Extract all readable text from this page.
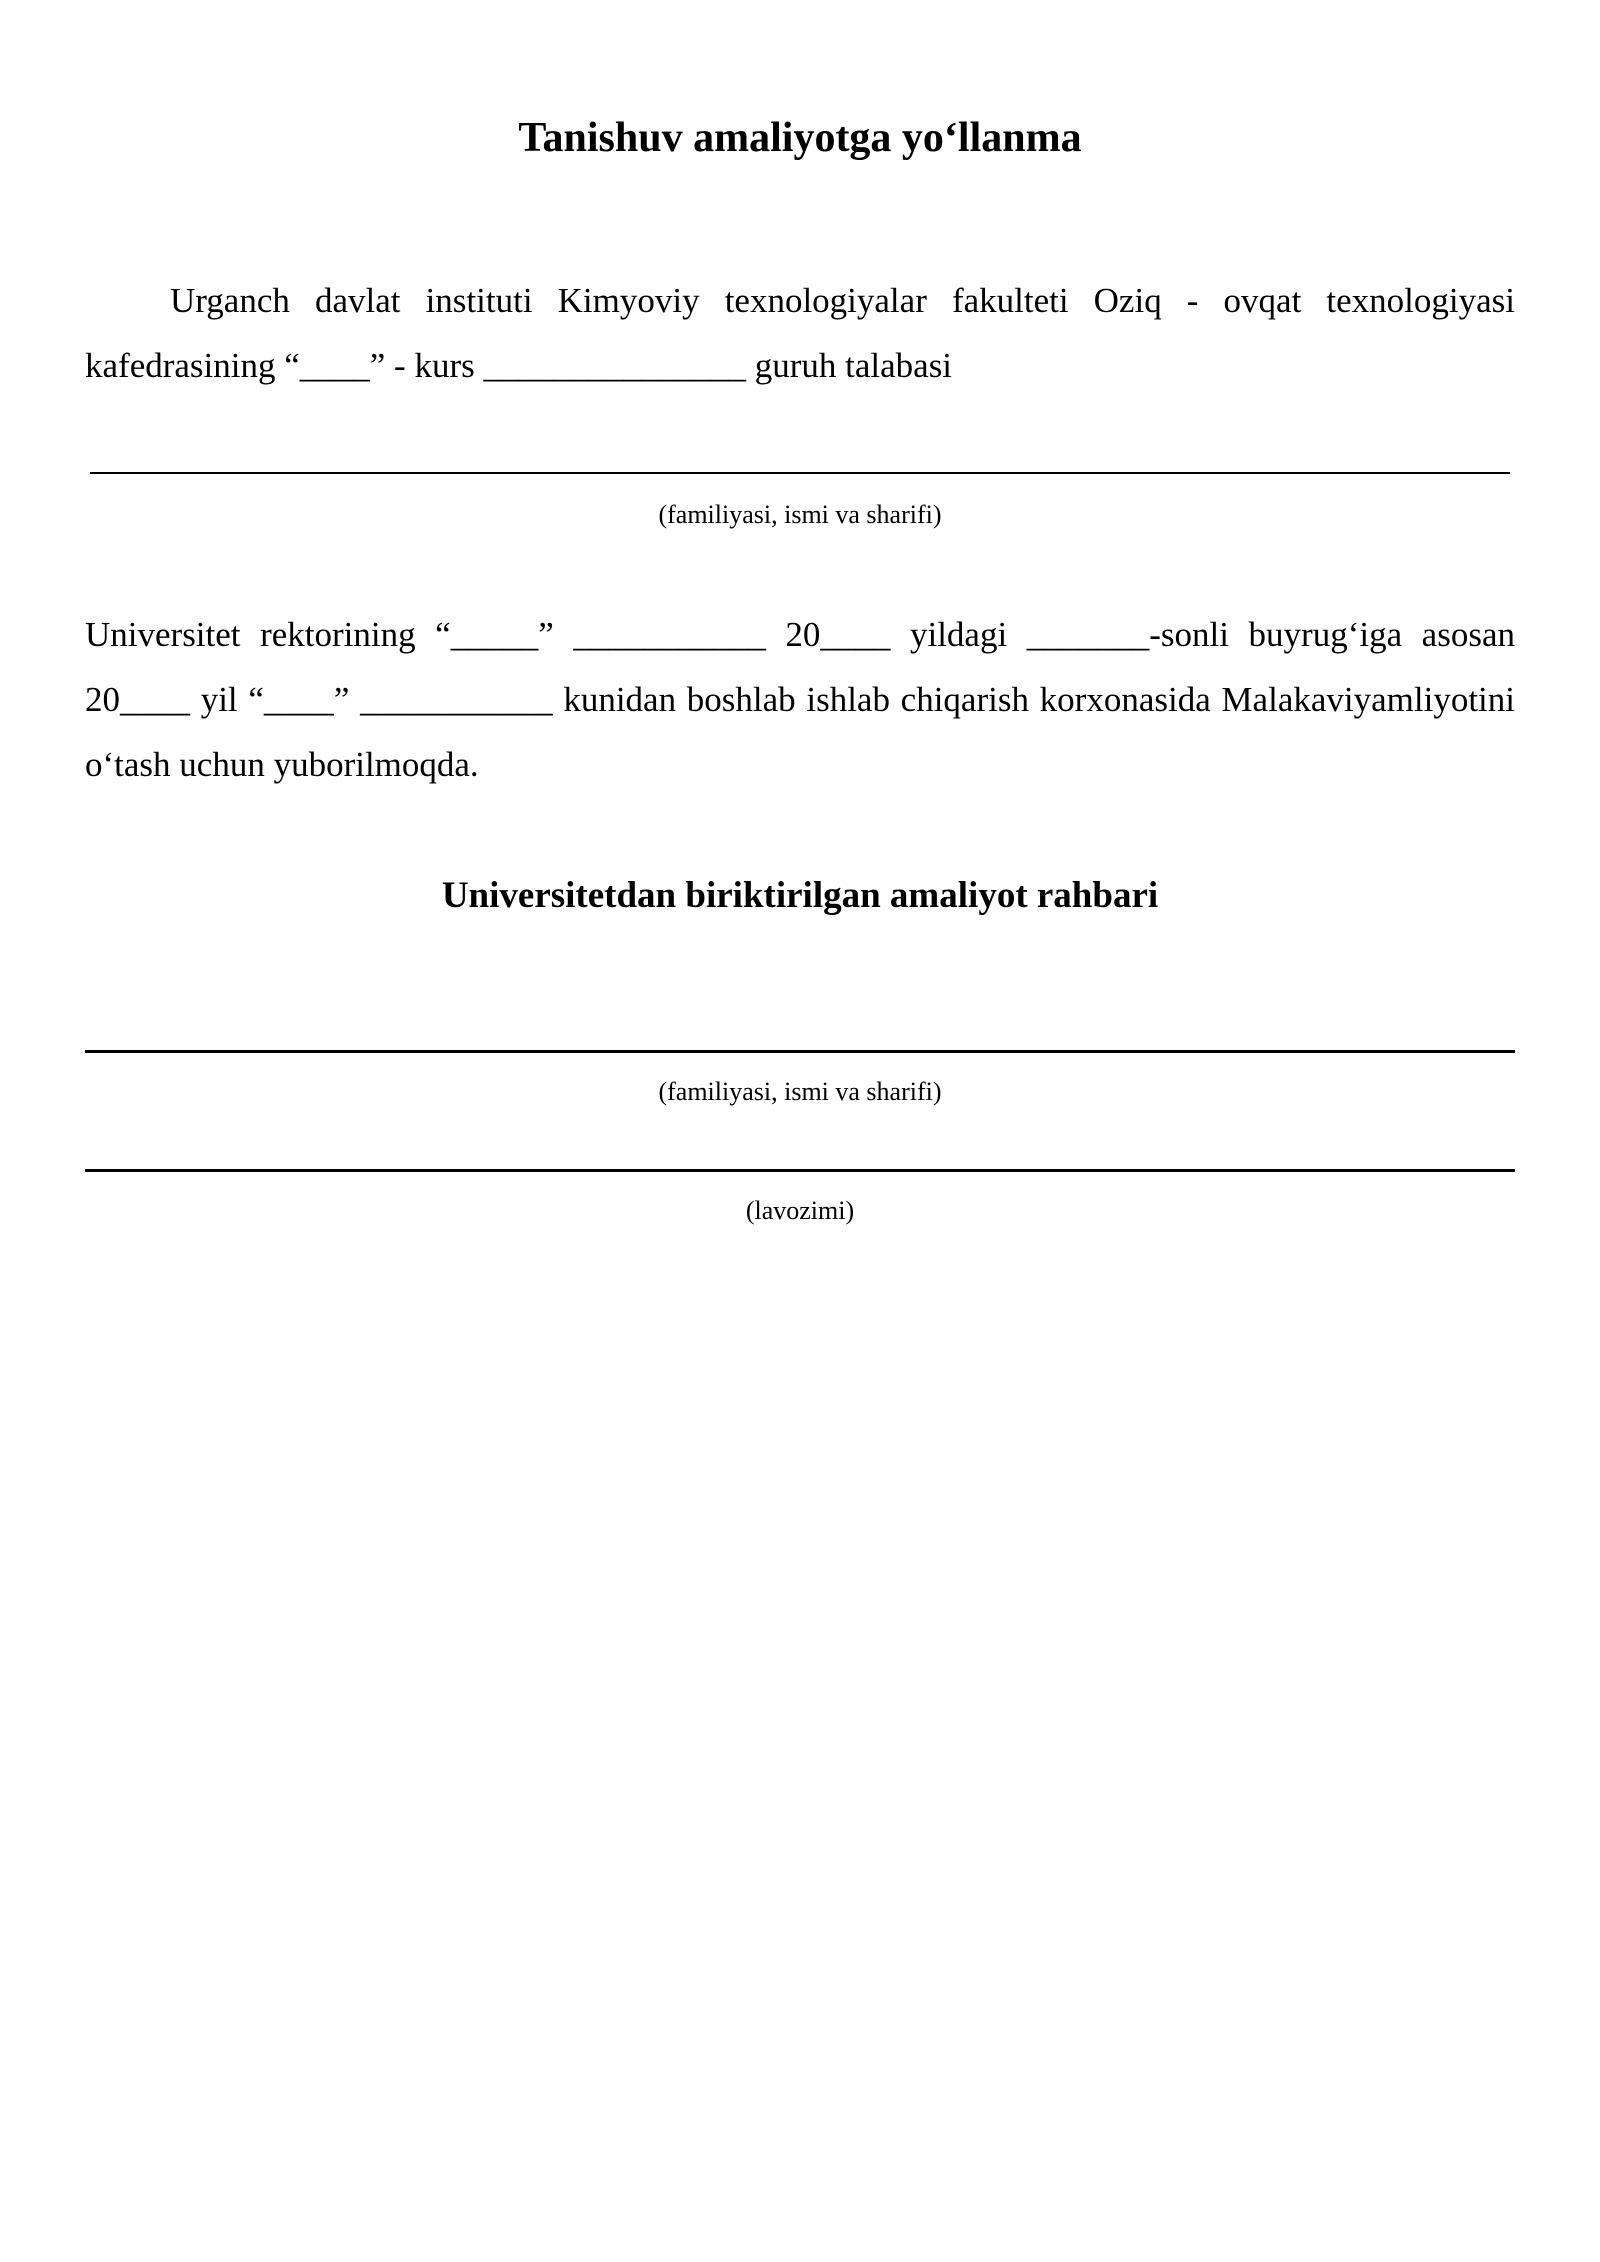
Tanishuv amaliyotga yo‘llanma
Urganch davlat instituti Kimyoviy texnologiyalar fakulteti Oziq - ovqat texnologiyasi kafedrasining “____” - kurs _______________ guruh talabasi
(familiyasi, ismi va sharifi)
Universitet rektorining “_____” ___________ 20____ yildagi _______-sonli buyrug‘iga asosan 20____ yil “____” ___________ kunidan boshlab ishlab chiqarish korxonasida Malakaviyamliyotini o‘tash uchun yuborilmoqda.
Universitetdan biriktirilgan amaliyot rahbari
(familiyasi, ismi va sharifi)
(lavozimi)
